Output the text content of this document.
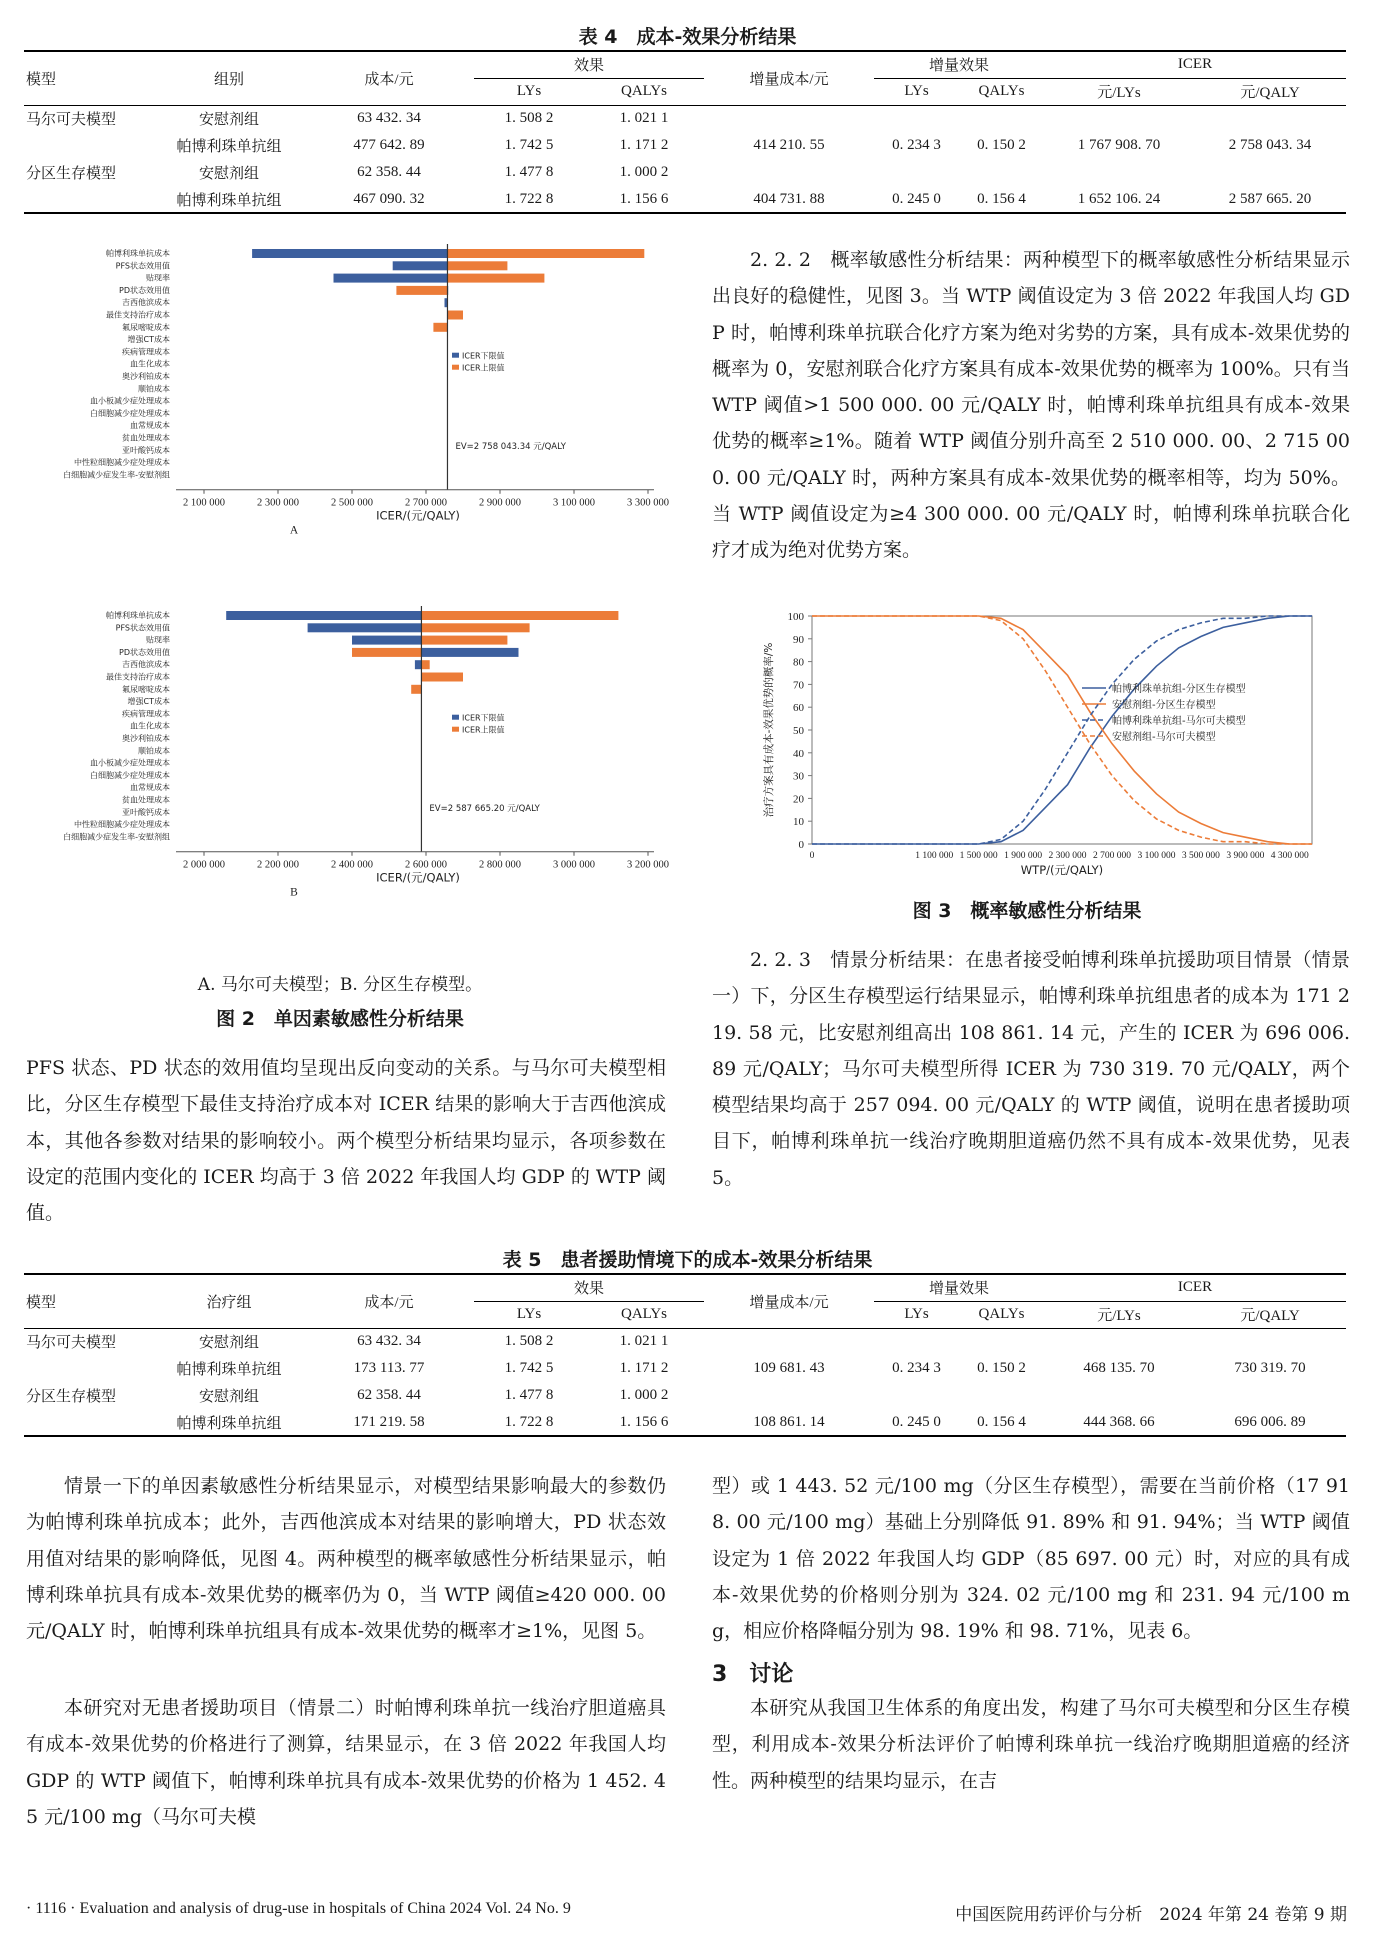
表 4　成本-效果分析结果
模型	组别	成本/元	效果		增量成本/元	增量效果		ICER	
			LYs	QALYs		LYs	QALYs	元/LYs	元/QALY
马尔可夫模型	安慰剂组	63 432. 34	1. 508 2	1. 021 1					
	帕博利珠单抗组	477 642. 89	1. 742 5	1. 171 2	414 210. 55	0. 234 3	0. 150 2	1 767 908. 70	2 758 043. 34
分区生存模型	安慰剂组	62 358. 44	1. 477 8	1. 000 2					
	帕博利珠单抗组	467 090. 32	1. 722 8	1. 156 6	404 731. 88	0. 245 0	0. 156 4	1 652 106. 24	2 587 665. 20
帕博利珠单抗成本
PFS状态效用值
贴现率
PD状态效用值
吉西他滨成本
最佳支持治疗成本
氟尿嘧啶成本
增强CT成本
疾病管理成本
血生化成本
奥沙利铂成本
顺铂成本
血小板减少症处理成本
白细胞减少症处理成本
血常规成本
贫血处理成本
亚叶酸钙成本
中性粒细胞减少症处理成本
白细胞减少症发生率-安慰剂组
2 100 000	2 300 000	2 500 000	2 700 000	2 900 000	3 100 000	3 300 000
ICER/(元/QALY)
A
EV=2 758 043.34 元/QALY
ICER下限值
ICER上限值
帕博利珠单抗成本
PFS状态效用值
贴现率
PD状态效用值
吉西他滨成本
最佳支持治疗成本
氟尿嘧啶成本
增强CT成本
疾病管理成本
血生化成本
奥沙利铂成本
顺铂成本
血小板减少症处理成本
白细胞减少症处理成本
血常规成本
贫血处理成本
亚叶酸钙成本
中性粒细胞减少症处理成本
白细胞减少症发生率-安慰剂组
2 000 000	2 200 000	2 400 000	2 600 000	2 800 000	3 000 000	3 200 000
ICER/(元/QALY)
B
EV=2 587 665.20 元/QALY
ICER下限值
ICER上限值
A. 马尔可夫模型；B. 分区生存模型。
图 2　单因素敏感性分析结果
PFS 状态、PD 状态的效用值均呈现出反向变动的关系。与马尔可夫模型相比，分区生存模型下最佳支持治疗成本对 ICER 结果的影响大于吉西他滨成本，其他各参数对结果的影响较小。两个模型分析结果均显示，各项参数在设定的范围内变化的 ICER 均高于 3 倍 2022 年我国人均 GDP 的 WTP 阈值。
2. 2. 2　概率敏感性分析结果：两种模型下的概率敏感性分析结果显示出良好的稳健性，见图 3。当 WTP 阈值设定为 3 倍 2022 年我国人均 GDP 时，帕博利珠单抗联合化疗方案为绝对劣势的方案，具有成本-效果优势的概率为 0，安慰剂联合化疗方案具有成本-效果优势的概率为 100%。只有当 WTP 阈值>1 500 000. 00 元/QALY 时，帕博利珠单抗组具有成本-效果优势的概率≥1%。随着 WTP 阈值分别升高至 2 510 000. 00、2 715 000. 00 元/QALY 时，两种方案具有成本-效果优势的概率相等，均为 50%。当 WTP 阈值设定为≥4 300 000. 00 元/QALY 时，帕博利珠单抗联合化疗才成为绝对优势方案。
0	1 100 000 1 500 000 1 900 000 2 300 000 2 700 000 3 100 000 3 500 000 3 900 000 4 300 000
0
10
20
30
40
50
60
70
80
90
100
WTP/(元/QALY)
治疗方案具有成本-效果优势的概率/%	帕博利珠单抗组-分区生存模型
安慰剂组-分区生存模型
帕博利珠单抗组-马尔可夫模型
安慰剂组-马尔可夫模型
图 3　概率敏感性分析结果
2. 2. 3　情景分析结果：在患者接受帕博利珠单抗援助项目情景（情景一）下，分区生存模型运行结果显示，帕博利珠单抗组患者的成本为 171 219. 58 元，比安慰剂组高出 108 861. 14 元，产生的 ICER 为 696 006. 89 元/QALY；马尔可夫模型所得 ICER 为 730 319. 70 元/QALY，两个模型结果均高于 257 094. 00 元/QALY 的 WTP 阈值，说明在患者援助项目下，帕博利珠单抗一线治疗晚期胆道癌仍然不具有成本-效果优势，见表 5。
表 5　患者援助情境下的成本-效果分析结果
模型	治疗组	成本/元	效果		增量成本/元	增量效果		ICER	
			LYs	QALYs		LYs	QALYs	元/LYs	元/QALY
马尔可夫模型	安慰剂组	63 432. 34	1. 508 2	1. 021 1					
	帕博利珠单抗组	173 113. 77	1. 742 5	1. 171 2	109 681. 43	0. 234 3	0. 150 2	468 135. 70	730 319. 70
分区生存模型	安慰剂组	62 358. 44	1. 477 8	1. 000 2					
	帕博利珠单抗组	171 219. 58	1. 722 8	1. 156 6	108 861. 14	0. 245 0	0. 156 4	444 368. 66	696 006. 89
情景一下的单因素敏感性分析结果显示，对模型结果影响最大的参数仍为帕博利珠单抗成本；此外，吉西他滨成本对结果的影响增大，PD 状态效用值对结果的影响降低，见图 4。两种模型的概率敏感性分析结果显示，帕博利珠单抗具有成本-效果优势的概率仍为 0，当 WTP 阈值≥420 000. 00 元/QALY 时，帕博利珠单抗组具有成本-效果优势的概率才≥1%，见图 5。
本研究对无患者援助项目（情景二）时帕博利珠单抗一线治疗胆道癌具有成本-效果优势的价格进行了测算，结果显示，在 3 倍 2022 年我国人均 GDP 的 WTP 阈值下，帕博利珠单抗具有成本-效果优势的价格为 1 452. 45 元/100 mg（马尔可夫模
型）或 1 443. 52 元/100 mg（分区生存模型），需要在当前价格（17 918. 00 元/100 mg）基础上分别降低 91. 89% 和 91. 94%；当 WTP 阈值设定为 1 倍 2022 年我国人均 GDP（85 697. 00 元）时，对应的具有成本-效果优势的价格则分别为 324. 02 元/100 mg 和 231. 94 元/100 mg，相应价格降幅分别为 98. 19% 和 98. 71%，见表 6。
3　讨论
本研究从我国卫生体系的角度出发，构建了马尔可夫模型和分区生存模型，利用成本-效果分析法评价了帕博利珠单抗一线治疗晚期胆道癌的经济性。两种模型的结果均显示，在吉
· 1116 · Evaluation and analysis of drug-use in hospitals of China 2024 Vol. 24 No. 9	中国医院用药评价与分析　2024 年第 24 卷第 9 期
